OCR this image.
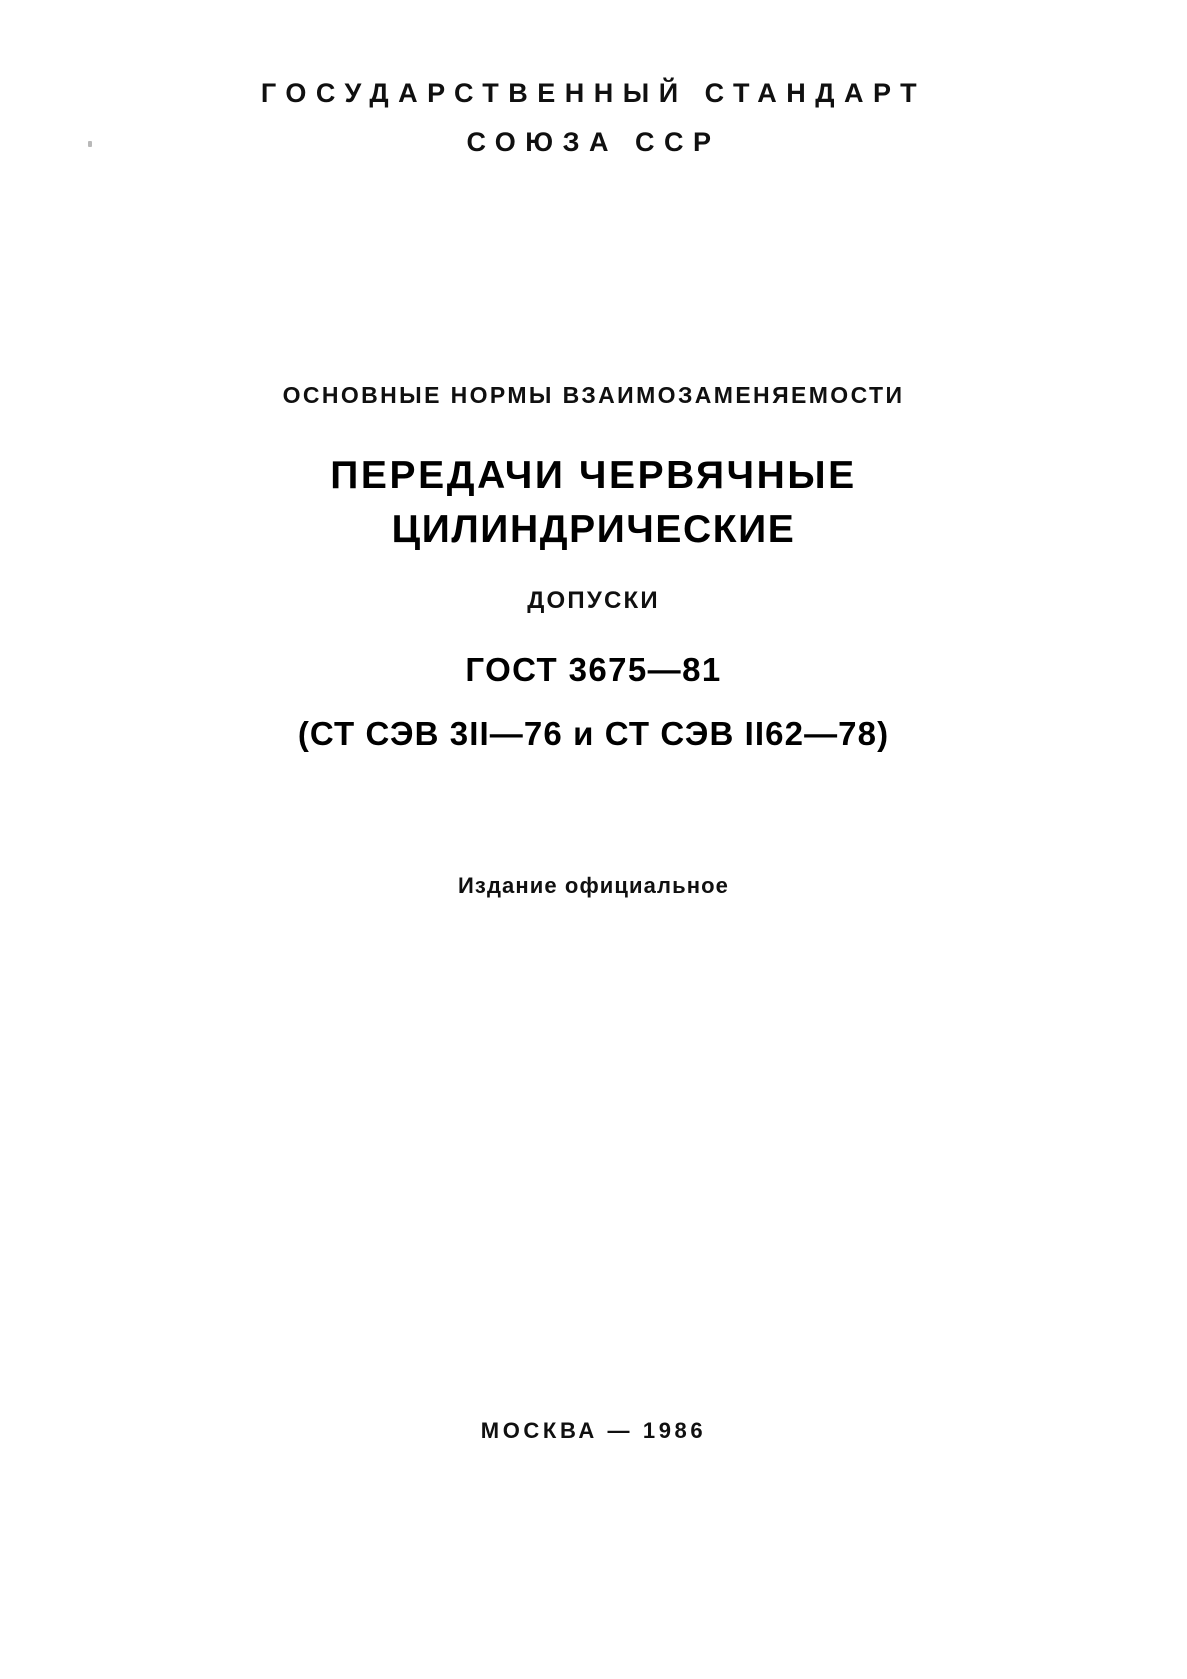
ГОСУДАРСТВЕННЫЙ СТАНДАРТ
СОЮЗА ССР
ОСНОВНЫЕ НОРМЫ ВЗАИМОЗАМЕНЯЕМОСТИ
ПЕРЕДАЧИ ЧЕРВЯЧНЫЕ
ЦИЛИНДРИЧЕСКИЕ
ДОПУСКИ
ГОСТ 3675—81
(СТ СЭВ 3II—76 и СТ СЭВ II62—78)
Издание официальное
МОСКВА — 1986
